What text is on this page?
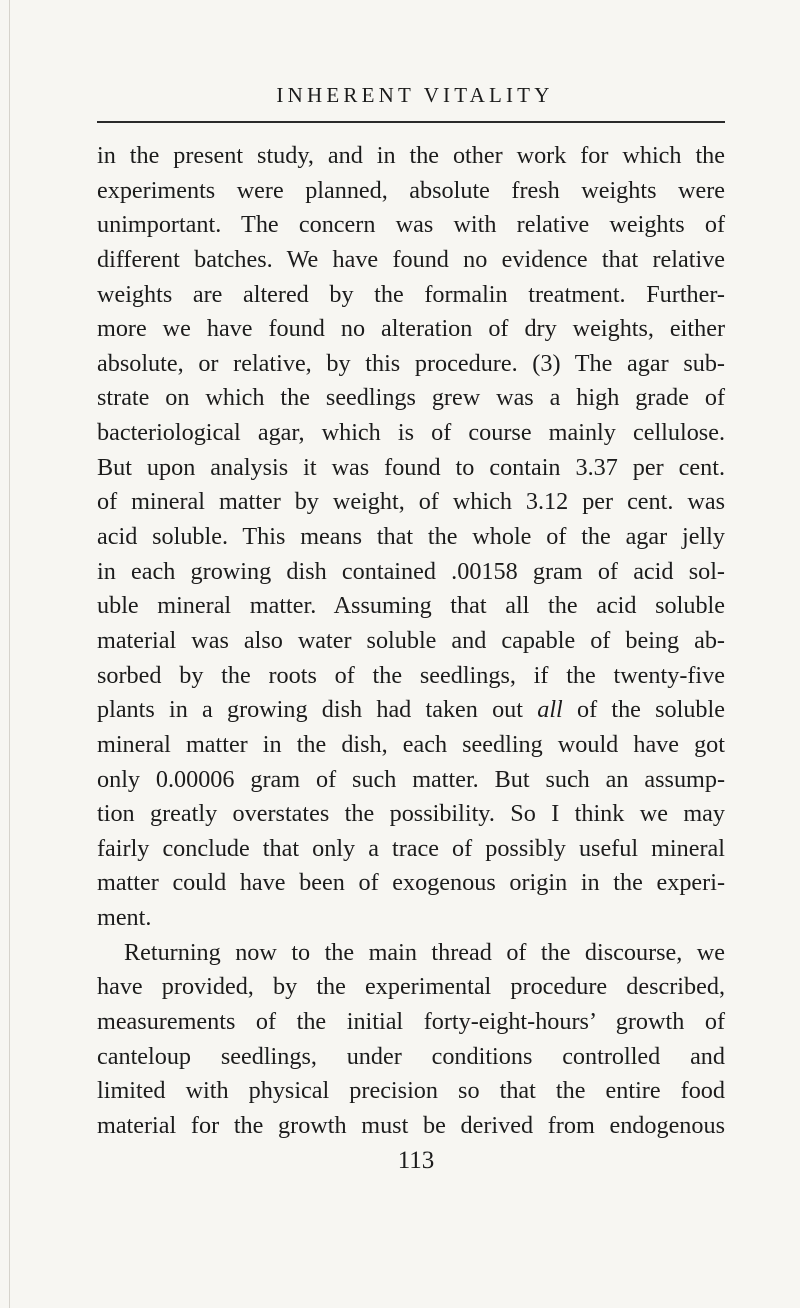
INHERENT VITALITY
in the present study, and in the other work for which the
experiments were planned, absolute fresh weights were
unimportant. The concern was with relative weights of
different batches. We have found no evidence that relative
weights are altered by the formalin treatment. Further-
more we have found no alteration of dry weights, either
absolute, or relative, by this procedure. (3) The agar sub-
strate on which the seedlings grew was a high grade of
bacteriological agar, which is of course mainly cellulose.
But upon analysis it was found to contain 3.37 per cent.
of mineral matter by weight, of which 3.12 per cent. was
acid soluble. This means that the whole of the agar jelly
in each growing dish contained .00158 gram of acid sol-
uble mineral matter. Assuming that all the acid soluble
material was also water soluble and capable of being ab-
sorbed by the roots of the seedlings, if the twenty-five
plants in a growing dish had taken out all of the soluble
mineral matter in the dish, each seedling would have got
only 0.00006 gram of such matter. But such an assump-
tion greatly overstates the possibility. So I think we may
fairly conclude that only a trace of possibly useful mineral
matter could have been of exogenous origin in the experi-
ment.
Returning now to the main thread of the discourse, we
have provided, by the experimental procedure described,
measurements of the initial forty-eight-hours’ growth of
canteloup seedlings, under conditions controlled and
limited with physical precision so that the entire food
material for the growth must be derived from endogenous
113
